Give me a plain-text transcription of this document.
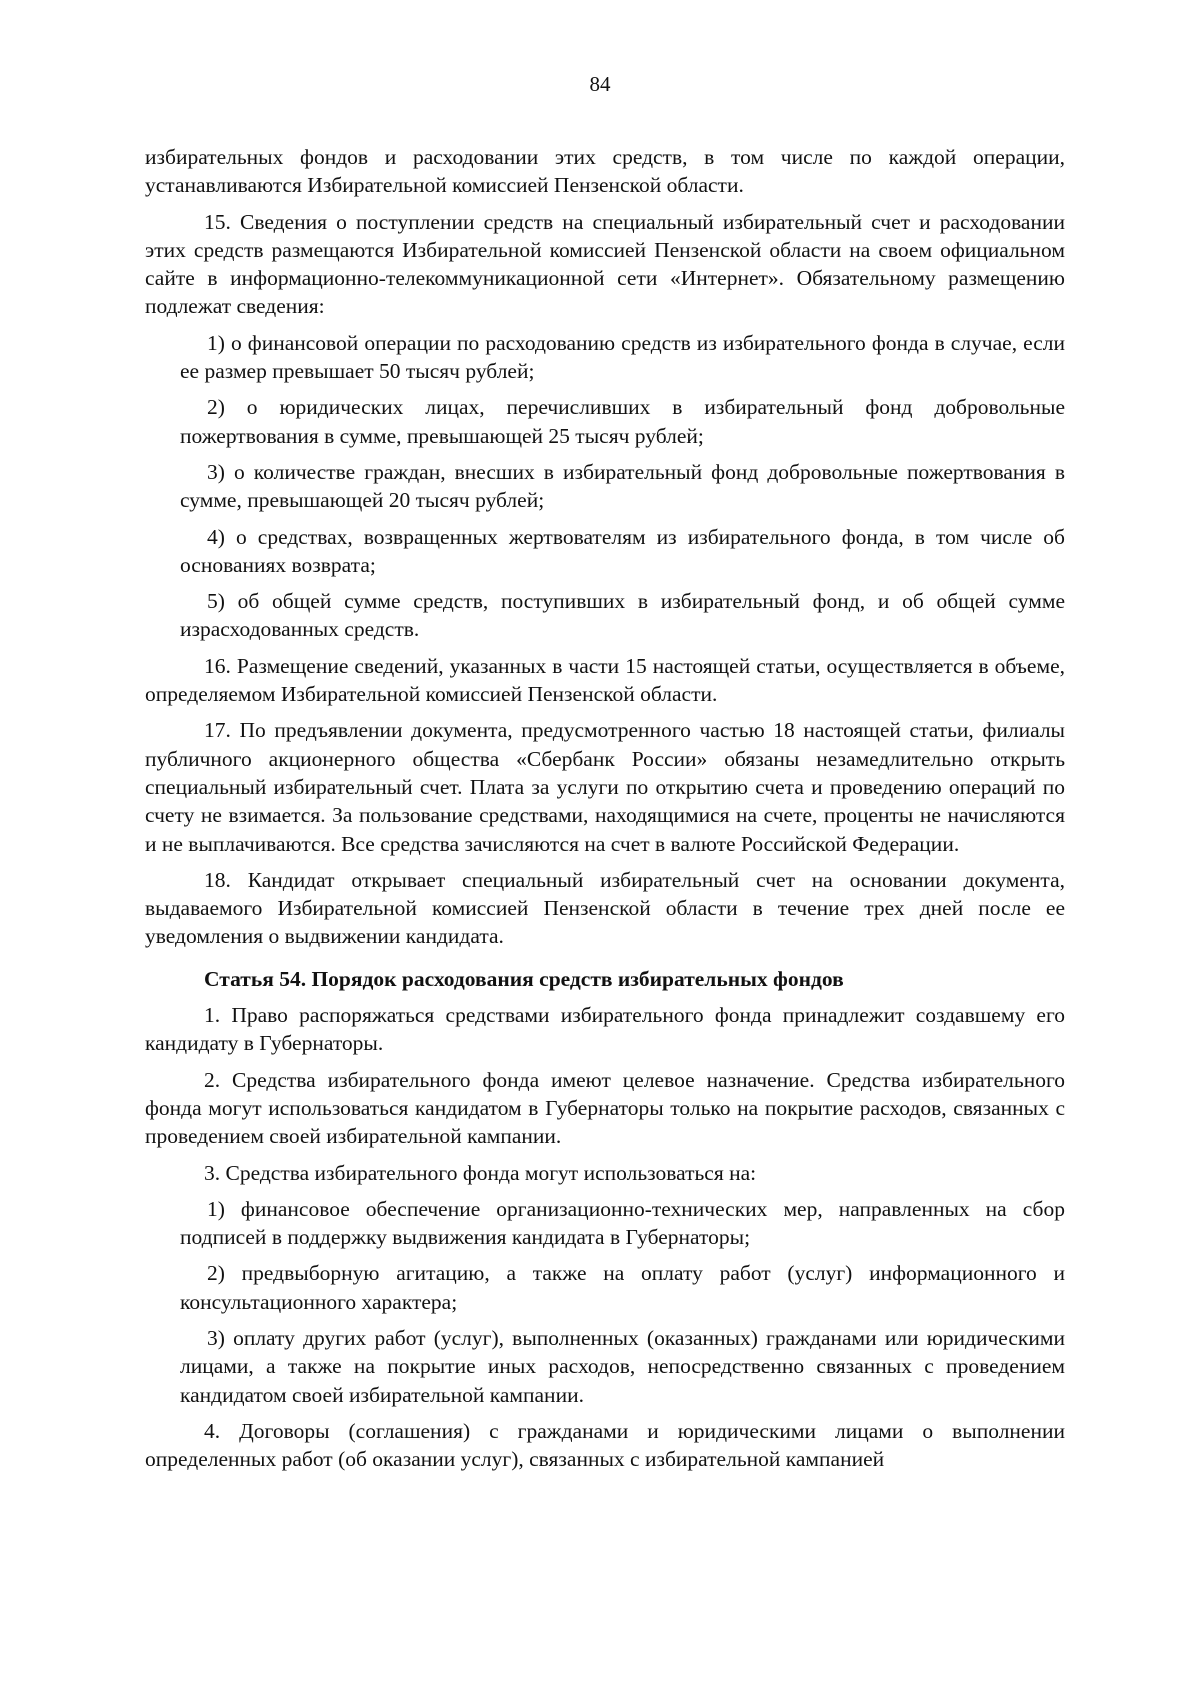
84

избирательных фондов и расходовании этих средств, в том числе по каждой операции, устанавливаются Избирательной комиссией Пензенской области.

15. Сведения о поступлении средств на специальный избирательный счет и расходовании этих средств размещаются Избирательной комиссией Пензенской области на своем официальном сайте в информационно-телекоммуникационной сети «Интернет». Обязательному размещению подлежат сведения:

1) о финансовой операции по расходованию средств из избирательного фонда в случае, если ее размер превышает 50 тысяч рублей;

2) о юридических лицах, перечисливших в избирательный фонд добровольные пожертвования в сумме, превышающей 25 тысяч рублей;

3) о количестве граждан, внесших в избирательный фонд добровольные пожертвования в сумме, превышающей 20 тысяч рублей;

4) о средствах, возвращенных жертвователям из избирательного фонда, в том числе об основаниях возврата;

5) об общей сумме средств, поступивших в избирательный фонд, и об общей сумме израсходованных средств.

16. Размещение сведений, указанных в части 15 настоящей статьи, осуществляется в объеме, определяемом Избирательной комиссией Пензенской области.

17. По предъявлении документа, предусмотренного частью 18 настоящей статьи, филиалы публичного акционерного общества «Сбербанк России» обязаны незамедлительно открыть специальный избирательный счет. Плата за услуги по открытию счета и проведению операций по счету не взимается. За пользование средствами, находящимися на счете, проценты не начисляются и не выплачиваются. Все средства зачисляются на счет в валюте Российской Федерации.

18. Кандидат открывает специальный избирательный счет на основании документа, выдаваемого Избирательной комиссией Пензенской области в течение трех дней после ее уведомления о выдвижении кандидата.

Статья 54. Порядок расходования средств избирательных фондов

1. Право распоряжаться средствами избирательного фонда принадлежит создавшему его кандидату в Губернаторы.

2. Средства избирательного фонда имеют целевое назначение. Средства избирательного фонда могут использоваться кандидатом в Губернаторы только на покрытие расходов, связанных с проведением своей избирательной кампании.

3. Средства избирательного фонда могут использоваться на:

1) финансовое обеспечение организационно-технических мер, направленных на сбор подписей в поддержку выдвижения кандидата в Губернаторы;

2) предвыборную агитацию, а также на оплату работ (услуг) информационного и консультационного характера;

3) оплату других работ (услуг), выполненных (оказанных) гражданами или юридическими лицами, а также на покрытие иных расходов, непосредственно связанных с проведением кандидатом своей избирательной кампании.

4. Договоры (соглашения) с гражданами и юридическими лицами о выполнении определенных работ (об оказании услуг), связанных с избирательной кампанией
